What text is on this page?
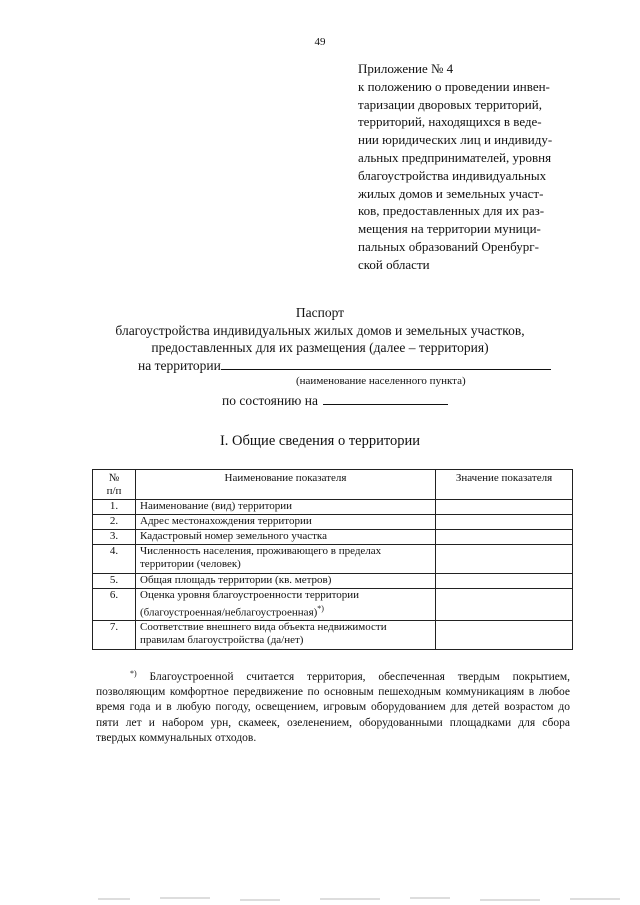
49
Приложение № 4
к положению о проведении инвен-
таризации дворовых территорий,
территорий, находящихся в веде-
нии юридических лиц и индивиду-
альных предпринимателей, уровня
благоустройства индивидуальных
жилых домов и земельных участ-
ков, предоставленных для их раз-
мещения на территории муници-
пальных образований Оренбург-
ской области
Паспорт
благоустройства индивидуальных жилых домов и земельных участков,
предоставленных для их размещения (далее – территория)
на территории
(наименование населенного пункта)
по состоянию на
I. Общие сведения о территории
№
п/п	Наименование показателя	Значение показателя
1.	Наименование (вид) территории	
2.	Адрес местонахождения территории	
3.	Кадастровый номер земельного участка	
4.	Численность населения, проживающего в пределах
территории (человек)	

5.	Общая площадь территории (кв. метров)	
6.	Оценка уровня благоустроенности территории
(благоустроенная/неблагоустроенная)*)

7.	Соответствие внешнего вида объекта недвижимости
правилам благоустройства (да/нет)	

*) Благоустроенной считается территория, обеспеченная твердым покрытием, позволяющим комфортное передвижение по основным пешеходным коммуникациям в любое время года и в любую погоду, освещением, игровым оборудованием для детей возрастом до пяти лет и набором урн, скамеек, озеленением, оборудованными площадками для сбора твердых коммунальных отходов.
